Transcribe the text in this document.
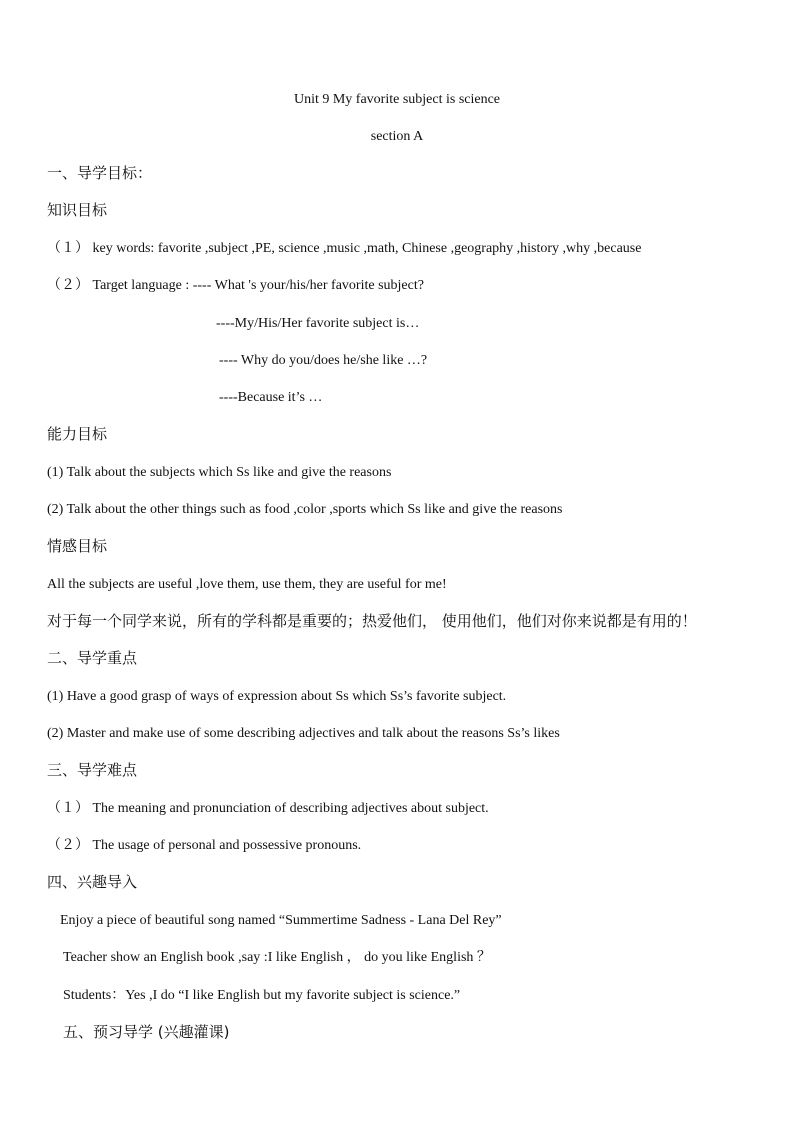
Unit 9 My favorite subject is science
section A
一、导学目标：
知识目标
（１） key words: favorite ,subject ,PE, science ,music ,math, Chinese ,geography ,history ,why ,because
（２） Target language : ---- What 's your/his/her favorite subject?
----My/His/Her favorite subject is…
---- Why do you/does he/she like …?
----Because it’s …
能力目标
(1) Talk about the subjects which Ss like and give the reasons
(2) Talk about the other things such as food ,color ,sports which Ss like and give the reasons
情感目标
All the subjects are useful ,love them, use them, they are useful for me!
对于每一个同学来说，所有的学科都是重要的；热爱他们， 使用他们，他们对你来说都是有用的！
二、导学重点
(1) Have a good grasp of ways of expression about Ss which Ss’s favorite subject.
(2) Master and make use of some describing adjectives and talk about the reasons Ss’s likes
三、导学难点
（１） The meaning and pronunciation of describing adjectives about subject.
（２） The usage of personal and possessive pronouns.
四、兴趣导入
Enjoy a piece of beautiful song named “Summertime Sadness - Lana Del Rey”
Teacher show an English book ,say :I like English ， do you like English ？
Students：Yes ,I do “I like English but my favorite subject is science.”
五、预习导学 (兴趣灌课)
